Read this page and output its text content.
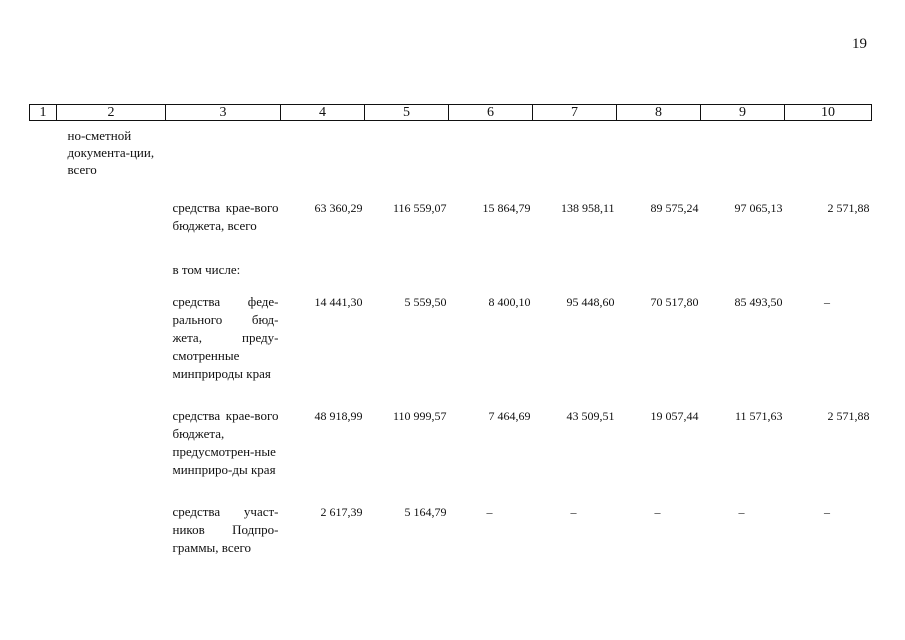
19
1	2	3	4	5	6	7	8	9	10
	но-сметной документа-ции, всего								
		средства крае-вого бюджета, всего	63 360,29	116 559,07	15 864,79	138 958,11	89 575,24	97 065,13	2 571,88

		в том числе:							

		средства феде-рального бюд-жета, преду-смотренные минприроды края	14 441,30	5 559,50	8 400,10	95 448,60	70 517,80	85 493,50	–

		средства крае-вого бюджета, предусмотрен-ные минприро-ды края	48 918,99	110 999,57	7 464,69	43 509,51	19 057,44	11 571,63	2 571,88

		средства участ-ников Подпро-граммы, всего	2 617,39	5 164,79	–	–	–	–	–
